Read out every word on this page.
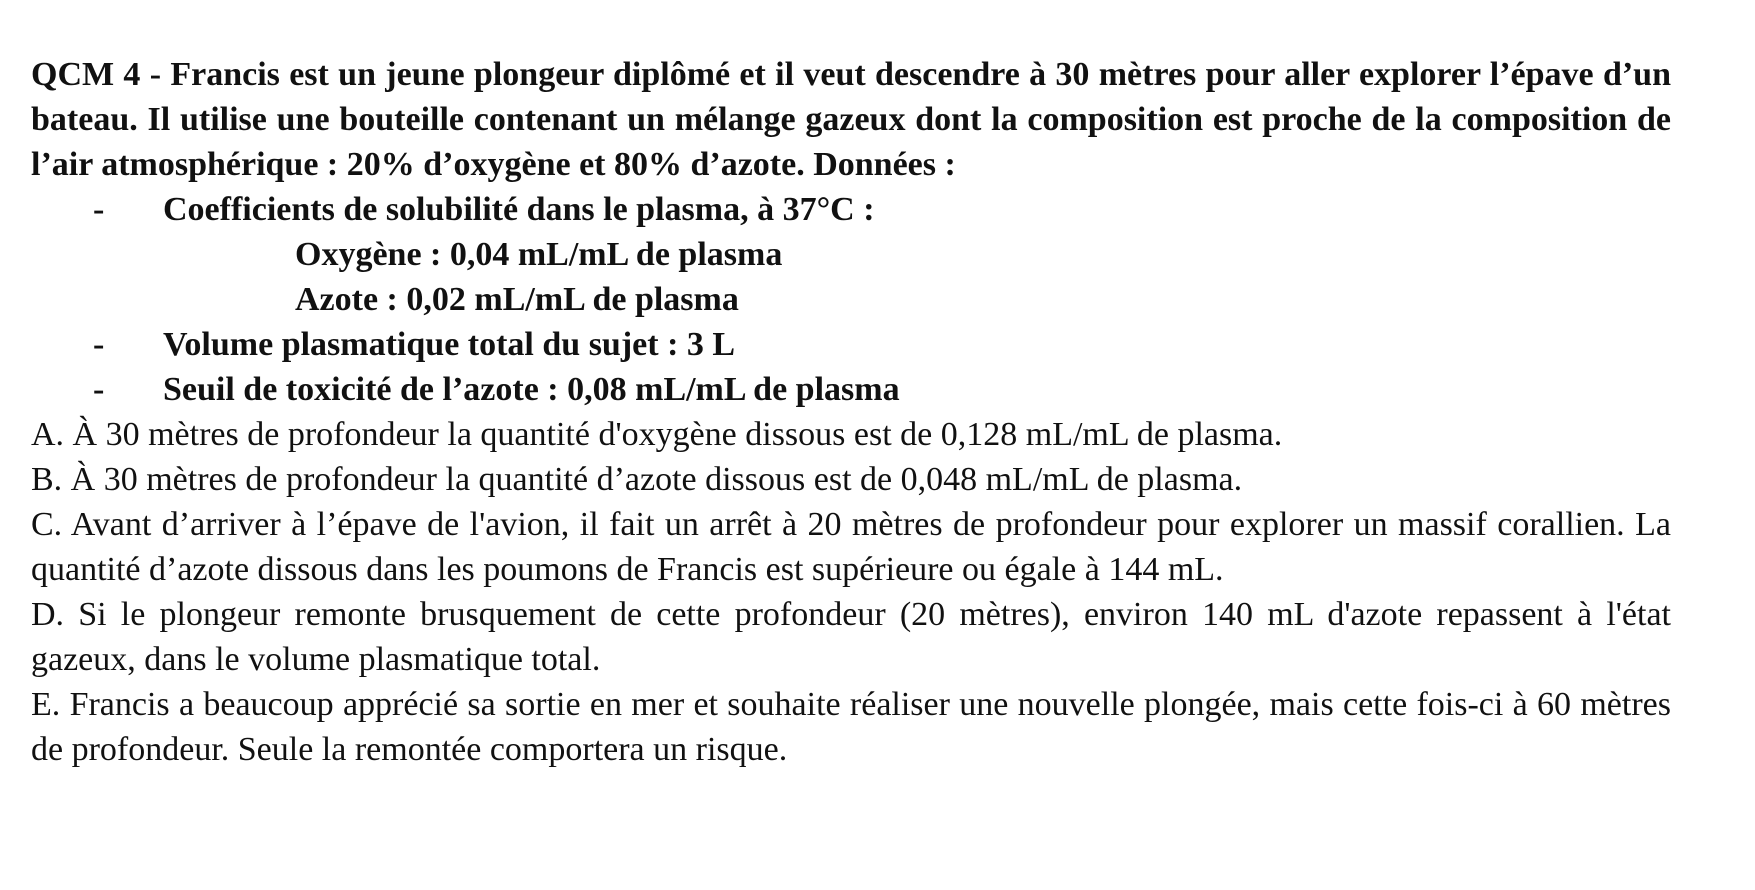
QCM 4 - Francis est un jeune plongeur diplômé et il veut descendre à 30 mètres pour aller explorer l’épave d’un bateau. Il utilise une bouteille contenant un mélange gazeux dont la composition est proche de la composition de l’air atmosphérique : 20% d’oxygène et 80% d’azote. Données :

- Coefficients de solubilité dans le plasma, à 37°C :
Oxygène : 0,04 mL/mL de plasma
Azote : 0,02 mL/mL de plasma
- Volume plasmatique total du sujet : 3 L
- Seuil de toxicité de l’azote : 0,08 mL/mL de plasma
A. À 30 mètres de profondeur la quantité d'oxygène dissous est de 0,128 mL/mL de plasma.
B. À 30 mètres de profondeur la quantité d’azote dissous est de 0,048 mL/mL de plasma.
C. Avant d’arriver à l’épave de l'avion, il fait un arrêt à 20 mètres de profondeur pour explorer un massif corallien. La quantité d’azote dissous dans les poumons de Francis est supérieure ou égale à 144 mL.
D. Si le plongeur remonte brusquement de cette profondeur (20 mètres), environ 140 mL d'azote repassent à l'état gazeux, dans le volume plasmatique total.
E. Francis a beaucoup apprécié sa sortie en mer et souhaite réaliser une nouvelle plongée, mais cette fois-ci à 60 mètres de profondeur. Seule la remontée comportera un risque.
